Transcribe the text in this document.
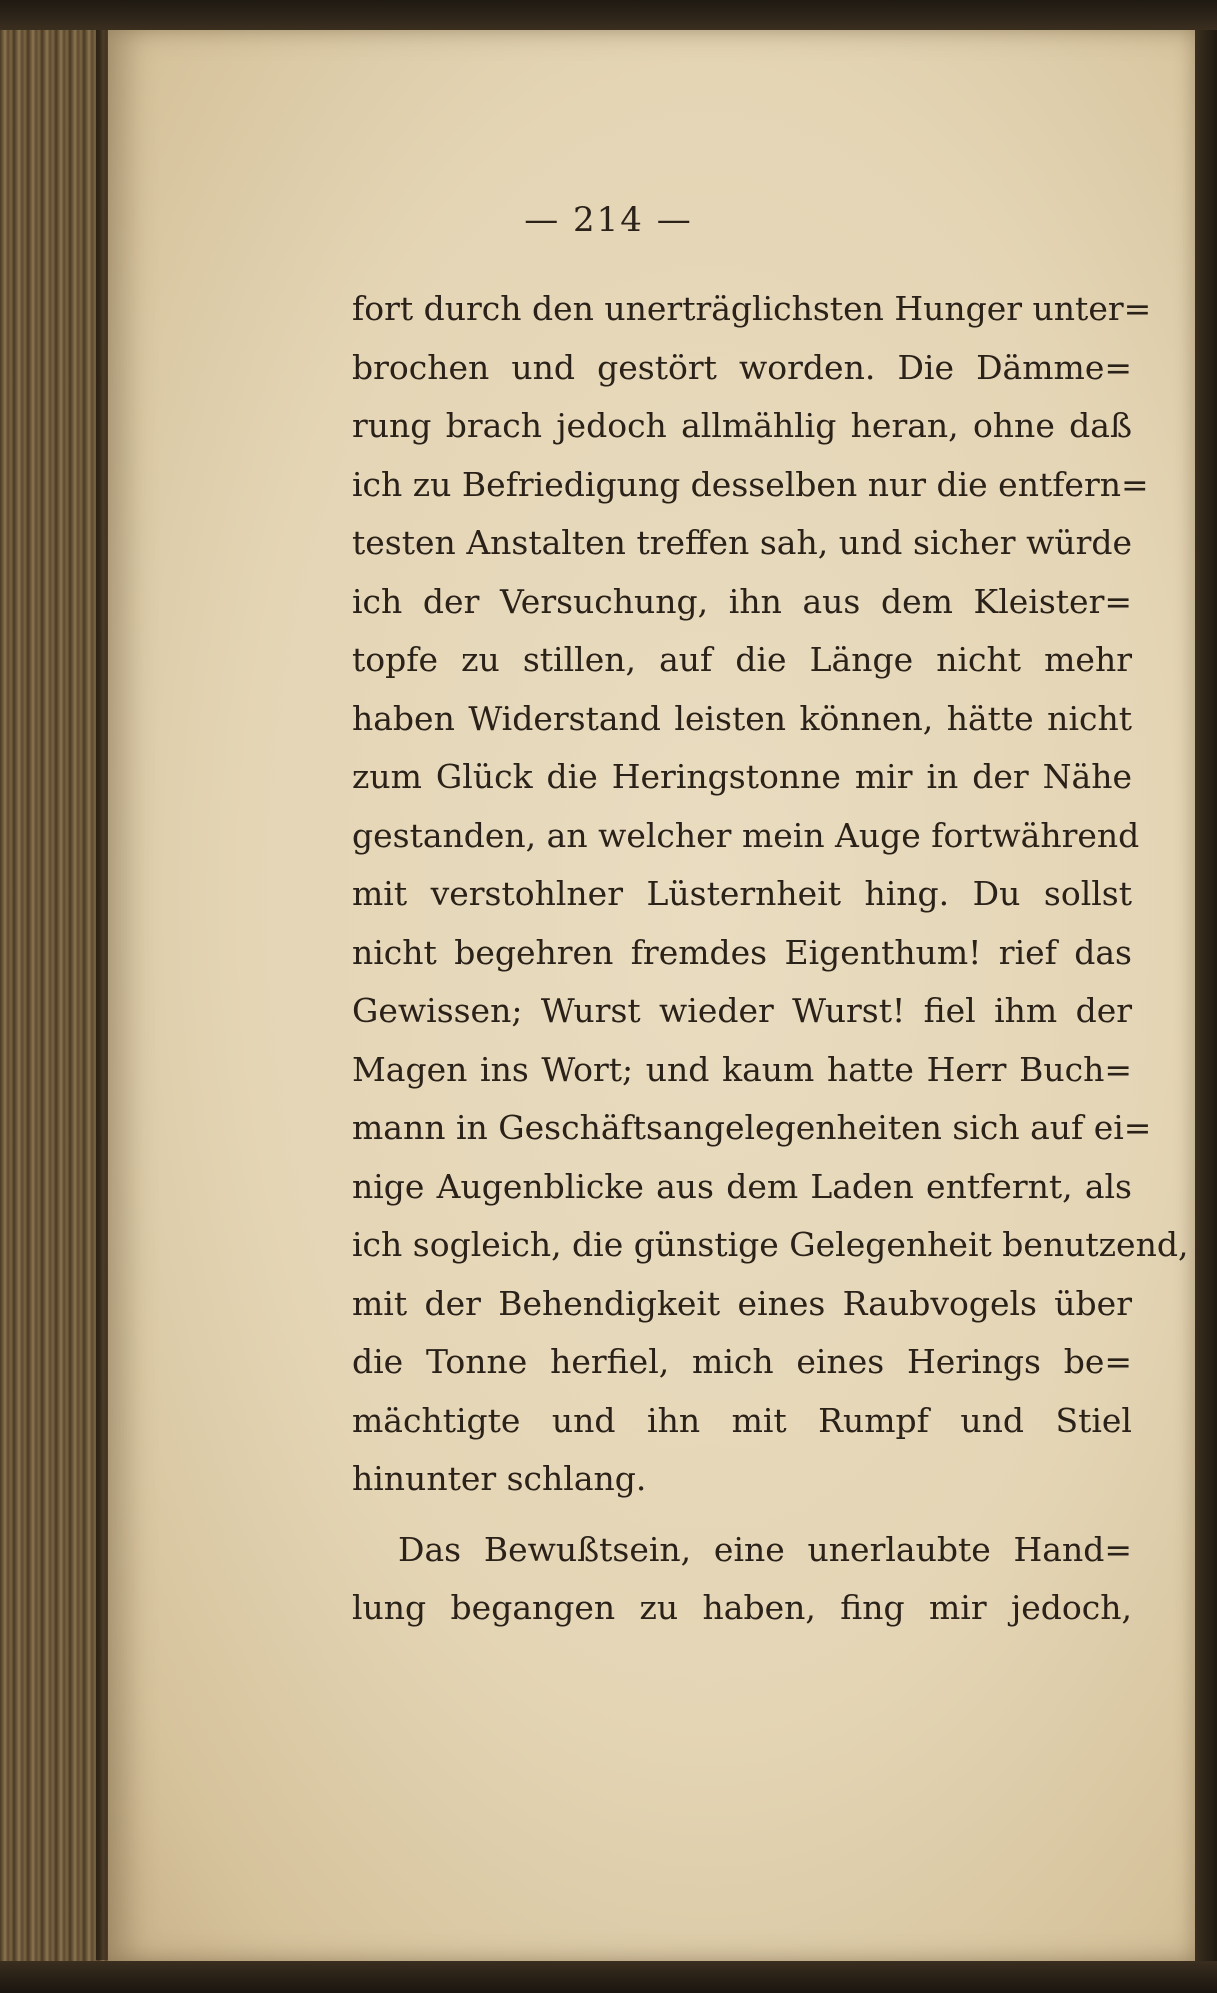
— 214 —
fort durch den unerträglichsten Hunger unter=
brochen und gestört worden. Die Dämme=
rung brach jedoch allmählig heran, ohne daß
ich zu Befriedigung desselben nur die entfern=
testen Anstalten treffen sah, und sicher würde
ich der Versuchung, ihn aus dem Kleister=
topfe zu stillen, auf die Länge nicht mehr
haben Widerstand leisten können, hätte nicht
zum Glück die Heringstonne mir in der Nähe
gestanden, an welcher mein Auge fortwährend
mit verstohlner Lüsternheit hing. Du sollst
nicht begehren fremdes Eigenthum! rief das
Gewissen; Wurst wieder Wurst! fiel ihm der
Magen ins Wort; und kaum hatte Herr Buch=
mann in Geschäftsangelegenheiten sich auf ei=
nige Augenblicke aus dem Laden entfernt, als
ich sogleich, die günstige Gelegenheit benutzend,
mit der Behendigkeit eines Raubvogels über
die Tonne herfiel, mich eines Herings be=
mächtigte und ihn mit Rumpf und Stiel
hinunter schlang.
Das Bewußtsein, eine unerlaubte Hand=
lung begangen zu haben, fing mir jedoch,
